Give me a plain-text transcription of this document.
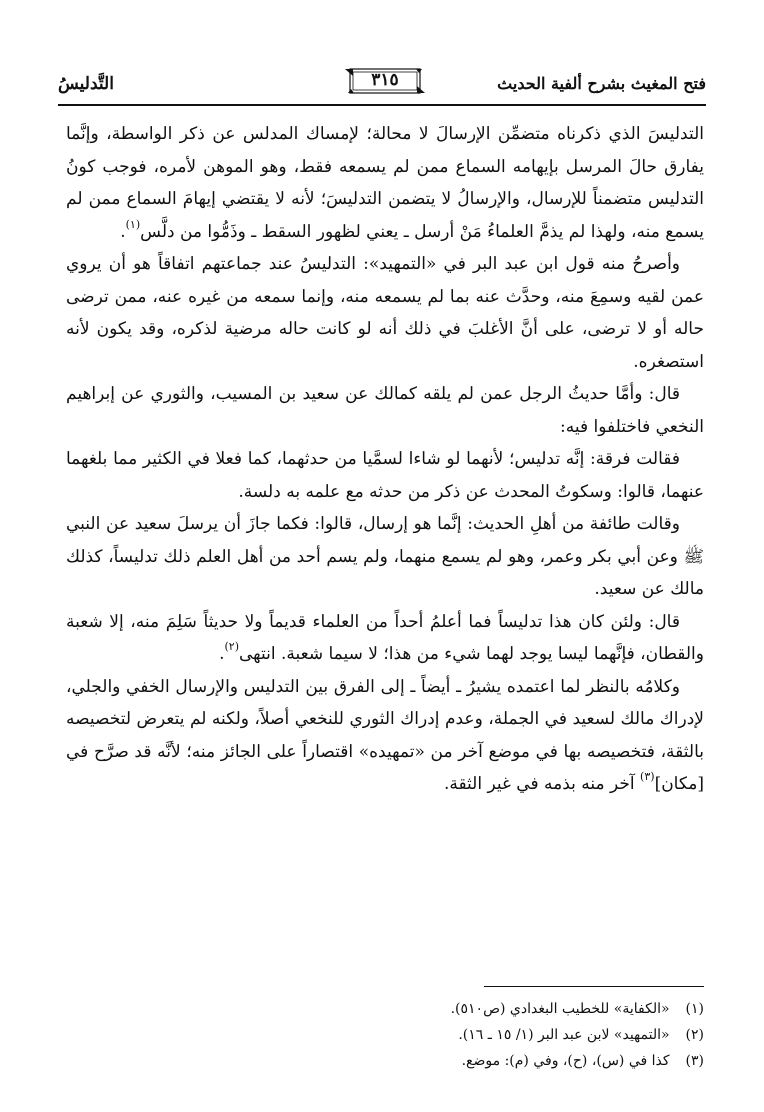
فتح المغيث بشرح ألفية الحديث
٣١٥
التَّدليسُ

التدليسَ الذي ذكرناه متضمِّن الإرسالَ لا محالة؛ لإمساك المدلس عن ذكر الواسطة، وإنَّما يفارق حالَ المرسل بإيهامه السماع ممن لم يسمعه فقط، وهو الموهن لأمره، فوجب كونُ التدليس متضمناً للإرسال، والإرسالُ لا يتضمن التدليسَ؛ لأنه لا يقتضي إيهامَ السماع ممن لم يسمع منه، ولهذا لم يذمَّ العلماءُ مَنْ أرسل ـ يعني لظهور السقط ـ وذَمُّوا من دلَّس$^{(١)}$.

وأصرحُ منه قول ابن عبد البر في «التمهيد»: التدليسُ عند جماعتهم اتفاقاً هو أن يروي عمن لقيه وسمِعَ منه، وحدَّث عنه بما لم يسمعه منه، وإنما سمعه من غيره عنه، ممن ترضى حاله أو لا ترضى، على أنَّ الأغلبَ في ذلك أنه لو كانت حاله مرضية لذكره، وقد يكون لأنه استصغره.

قال: وأمَّا حديثُ الرجل عمن لم يلقه كمالك عن سعيد بن المسيب، والثوري عن إبراهيم النخعي فاختلفوا فيه:

فقالت فرقة: إنَّه تدليس؛ لأنهما لو شاءا لسمَّيا من حدثهما، كما فعلا في الكثير مما بلغهما عنهما، قالوا: وسكوتُ المحدث عن ذكر من حدثه مع علمه به دلسة.

وقالت طائفة من أهلِ الحديث: إنَّما هو إرسال، قالوا: فكما جازَ أن يرسلَ سعيد عن النبي ﷺ وعن أبي بكر وعمر، وهو لم يسمع منهما، ولم يسم أحد من أهل العلم ذلك تدليساً، كذلك مالك عن سعيد.

قال: ولئن كان هذا تدليساً فما أعلمُ أحداً من العلماء قديماً ولا حديثاً سَلِمَ منه، إلا شعبة والقطان، فإنَّهما ليسا يوجد لهما شيء من هذا؛ لا سيما شعبة. انتهى$^{(٢)}$.

وكلامُه بالنظر لما اعتمده يشيرُ ـ أيضاً ـ إلى الفرق بين التدليس والإرسال الخفي والجلي، لإدراك مالك لسعيد في الجملة، وعدم إدراك الثوري للنخعي أصلاً، ولكنه لم يتعرض لتخصيصه بالثقة، فتخصيصه بها في موضع آخر من «تمهيده» اقتصاراً على الجائز منه؛ لأنَّه قد صرَّح في [مكان]$^{(٣)}$ آخر منه بذمه في غير الثقة.

(١) «الكفاية» للخطيب البغدادي (ص٥١٠).
(٢) «التمهيد» لابن عبد البر (١/ ١٥ ـ ١٦).
(٣) كذا في (س)، (ح)، وفي (م): موضع.
